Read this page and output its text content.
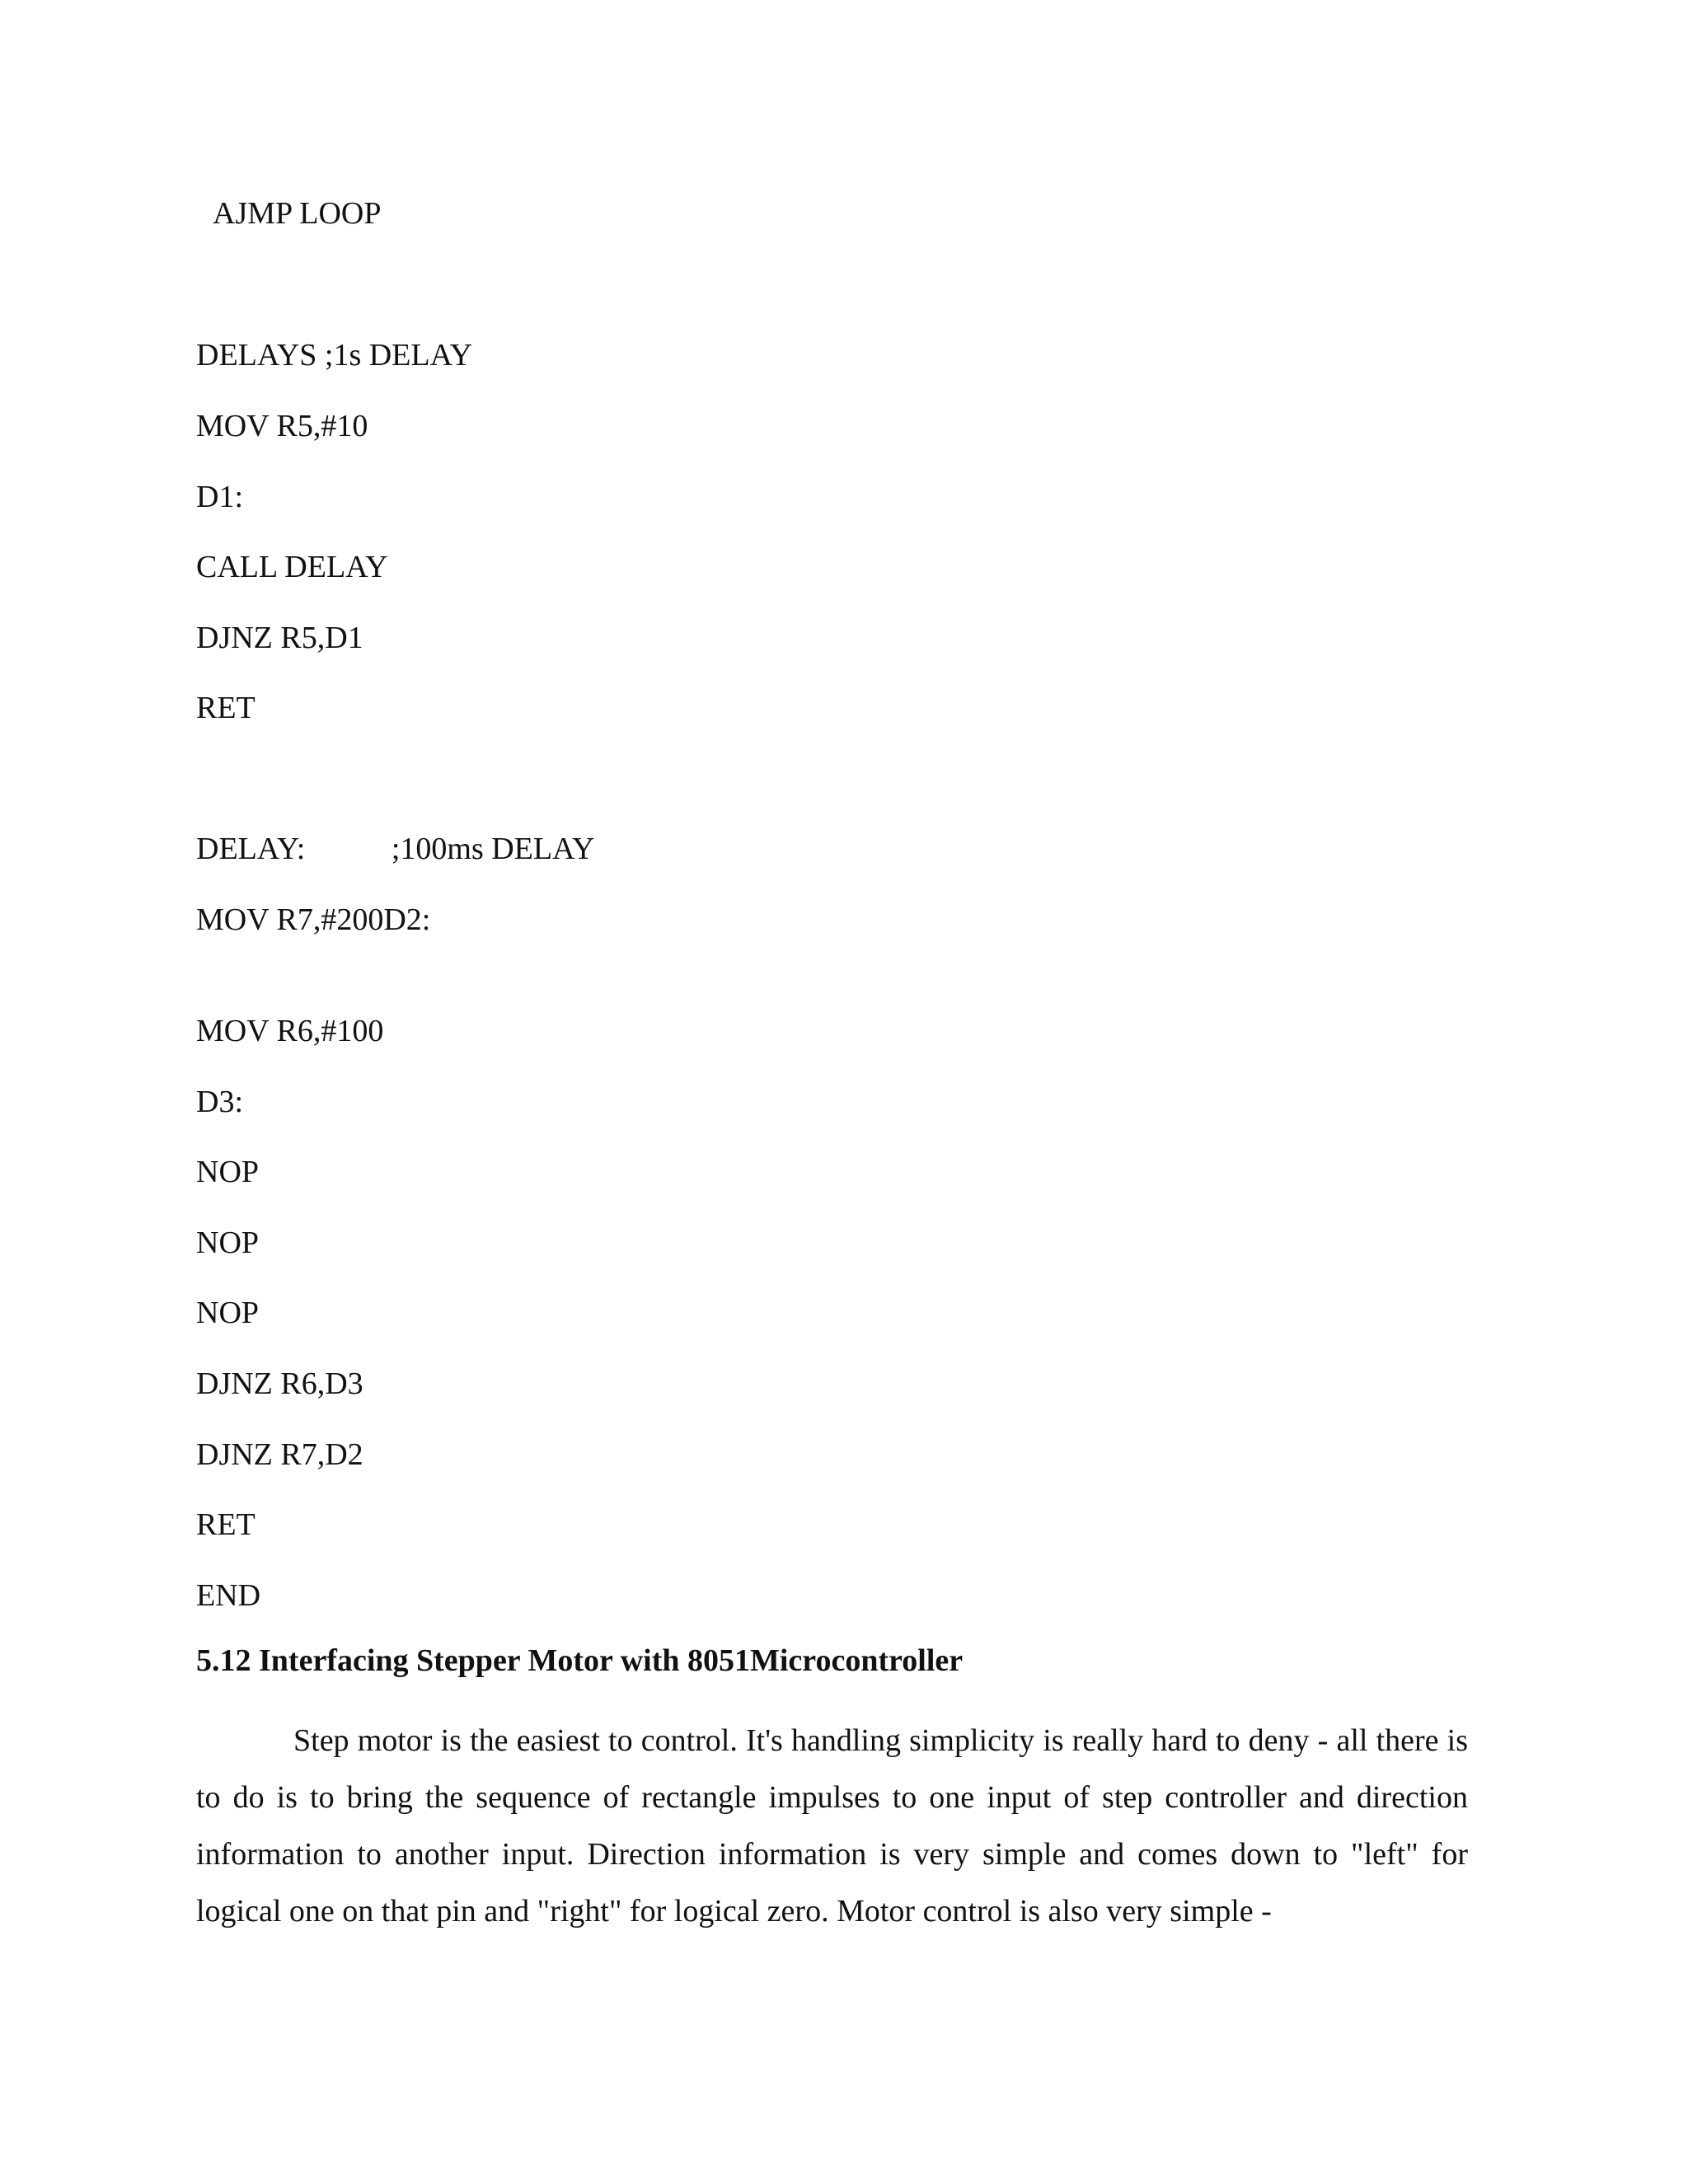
AJMP LOOP

DELAYS ;1s DELAY

MOV R5,#10

D1:

CALL DELAY

DJNZ R5,D1

RET

DELAY:           ;100ms DELAY

MOV R7,#200D2:

MOV R6,#100

D3:

NOP

NOP

NOP

DJNZ R6,D3

DJNZ R7,D2

RET

END

5.12 Interfacing Stepper Motor with 8051Microcontroller

Step motor is the easiest to control. It's handling simplicity is really hard to deny - all there is to do is to bring the sequence of rectangle impulses to one input of step controller and direction information to another input. Direction information is very simple and comes down to "left" for logical one on that pin and "right" for logical zero. Motor control is also very simple -
